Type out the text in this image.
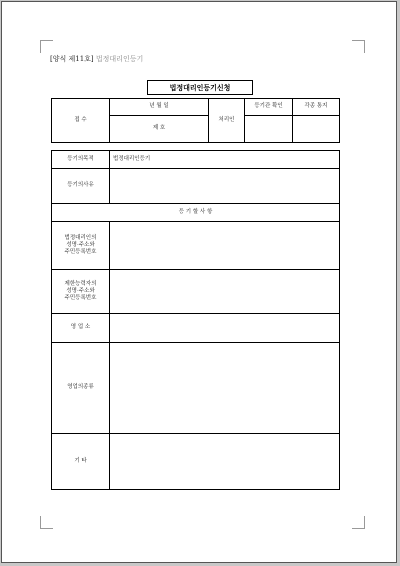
[양식 제11호] 법정대리인등기
법정대리인등기신청
접 수
년 월 일
제 호
처리인
등기관 확인	각종 통지
등기의목적	법정대리인등기
등기의사유
등 기 할 사 항
법정대리인의
성명·주소와
주민등록번호
제한능력자의
성명·주소와
주민등록번호
영 업 소
영업의종류
기 타
